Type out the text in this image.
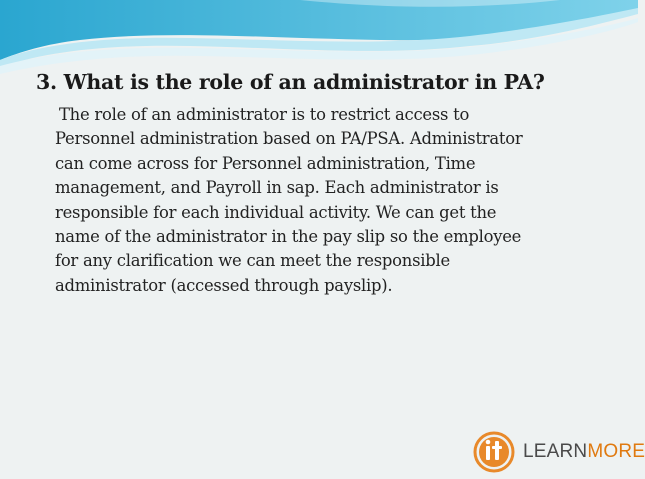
3. What is the role of an administrator in PA?
The role of an administrator is to restrict access to
Personnel administration based on PA/PSA. Administrator
can come across for Personnel administration, Time
management, and Payroll in sap. Each administrator is
responsible for each individual activity. We can get the
name of the administrator in the pay slip so the employee
for any clarification we can meet the responsible
administrator (accessed through payslip).
LEARNMORE
